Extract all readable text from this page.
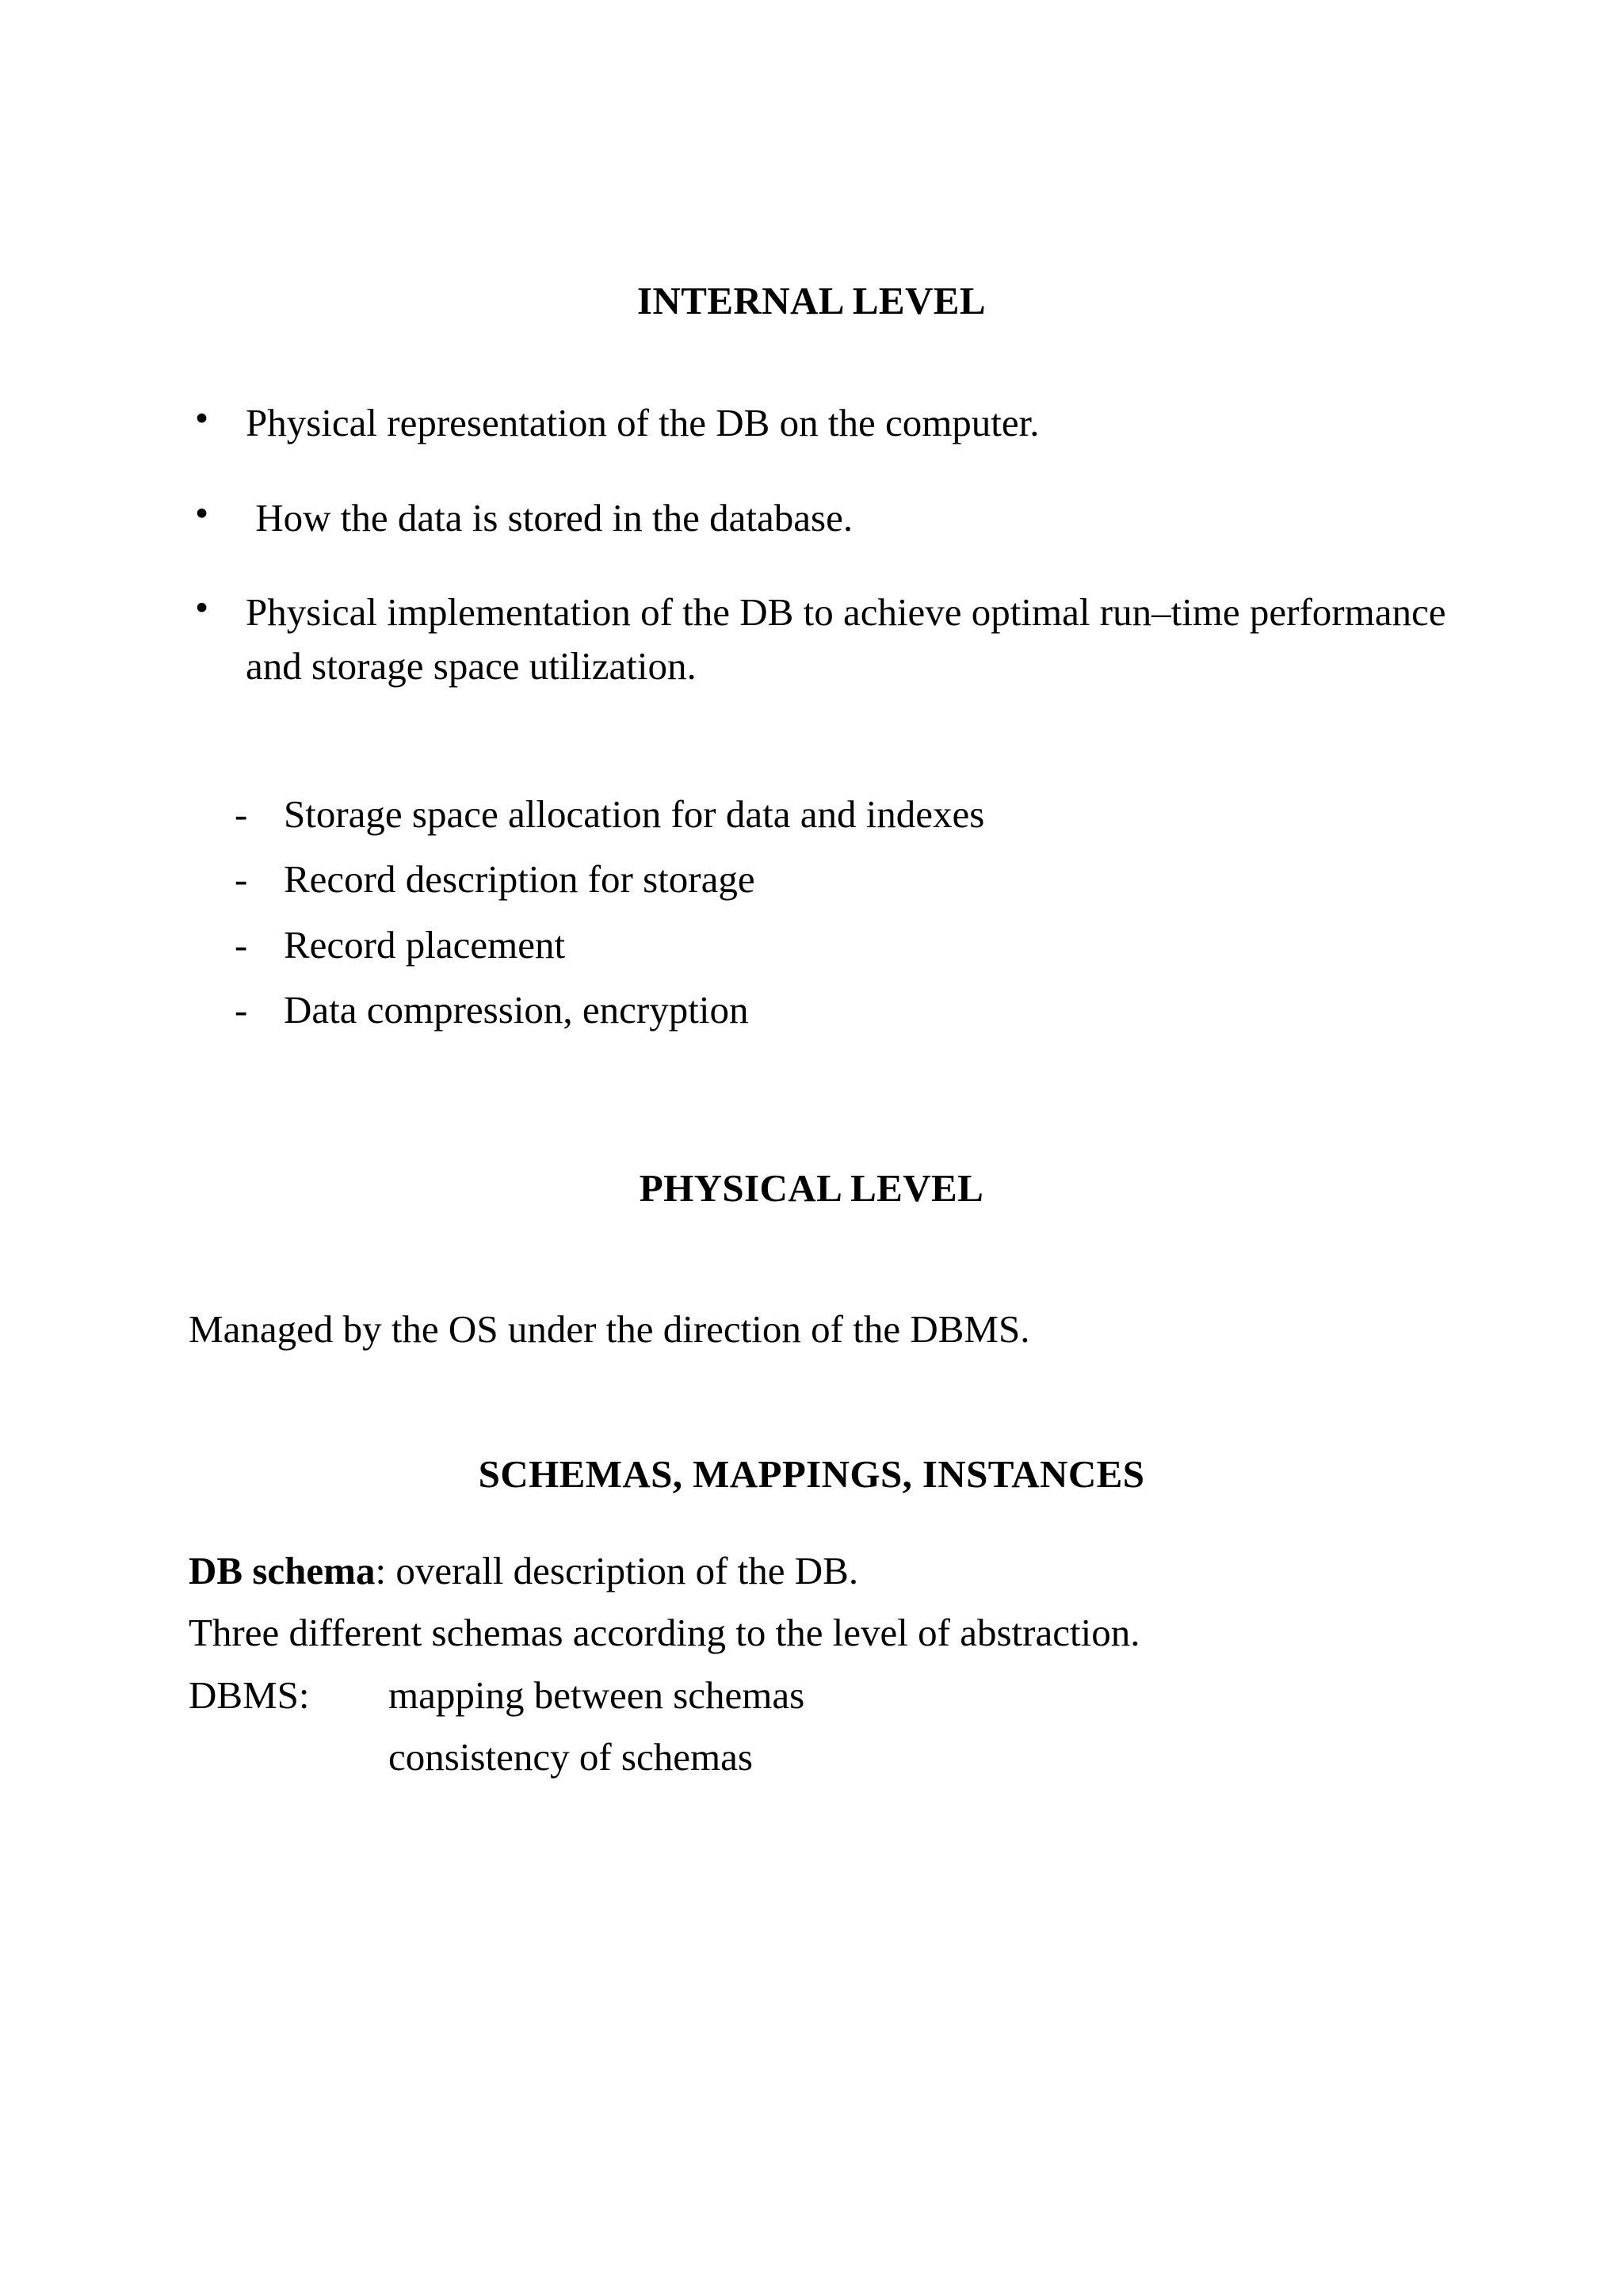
INTERNAL LEVEL
• Physical representation of the DB on the computer.
• How the data is stored in the database.
• Physical implementation of the DB to achieve optimal run–time performance and storage space utilization.
- Storage space allocation for data and indexes
- Record description for storage
- Record placement
- Data compression, encryption
PHYSICAL LEVEL
Managed by the OS under the direction of the DBMS.
SCHEMAS, MAPPINGS, INSTANCES
DB schema: overall description of the DB.
Three different schemas according to the level of abstraction.
DBMS:	mapping between schemas
consistency of schemas
